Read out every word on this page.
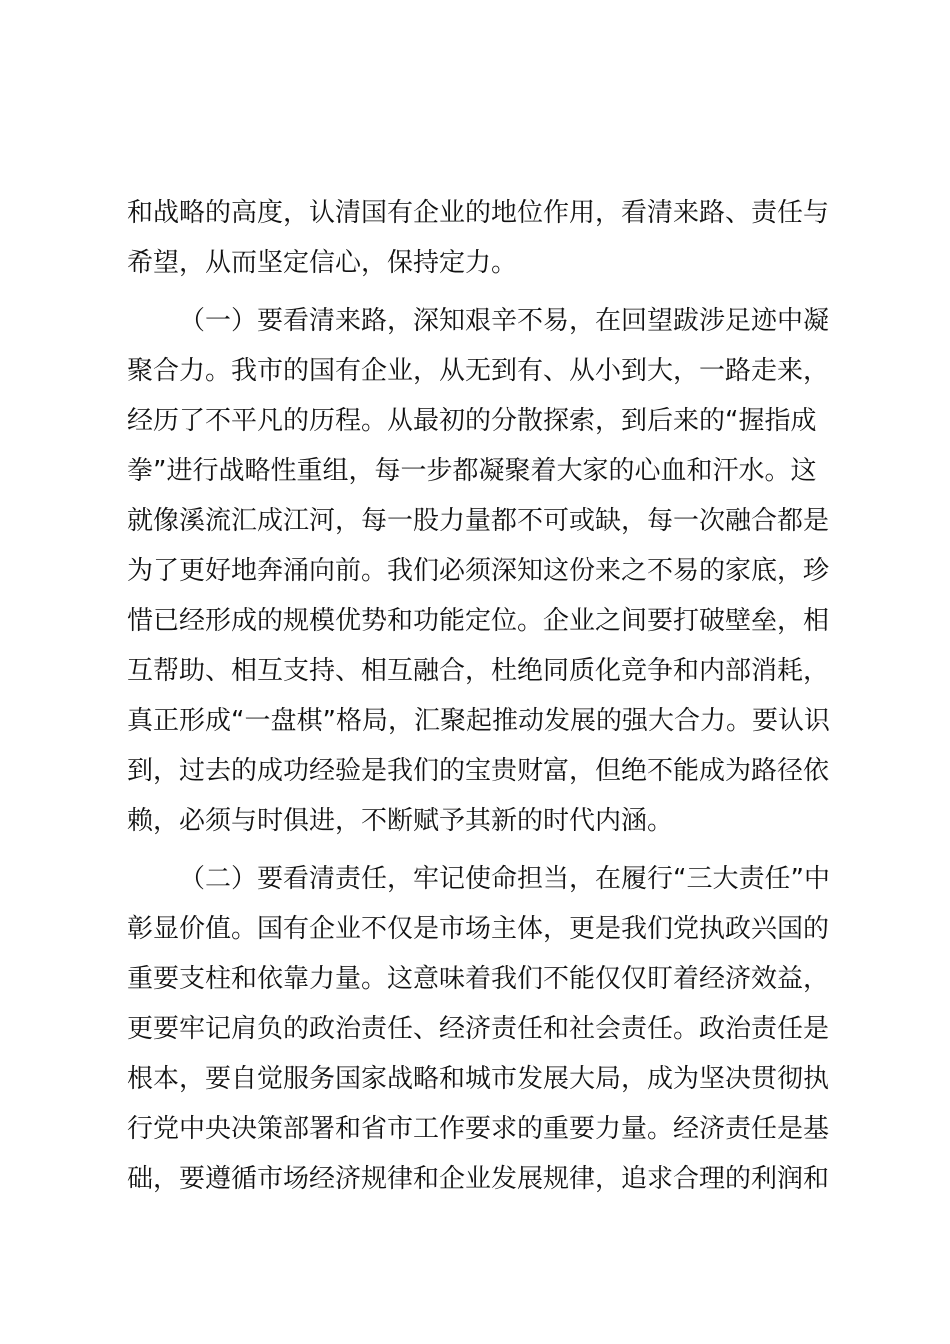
和战略的高度，认清国有企业的地位作用，看清来路、责任与
希望，从而坚定信心，保持定力。
（一）要看清来路，深知艰辛不易，在回望跋涉足迹中凝
聚合力。我市的国有企业，从无到有、从小到大，一路走来，
经历了不平凡的历程。从最初的分散探索，到后来的“握指成
拳”进行战略性重组，每一步都凝聚着大家的心血和汗水。这
就像溪流汇成江河，每一股力量都不可或缺，每一次融合都是
为了更好地奔涌向前。我们必须深知这份来之不易的家底，珍
惜已经形成的规模优势和功能定位。企业之间要打破壁垒，相
互帮助、相互支持、相互融合，杜绝同质化竞争和内部消耗，
真正形成“一盘棋”格局，汇聚起推动发展的强大合力。要认识
到，过去的成功经验是我们的宝贵财富，但绝不能成为路径依
赖，必须与时俱进，不断赋予其新的时代内涵。
（二）要看清责任，牢记使命担当，在履行“三大责任”中
彰显价值。国有企业不仅是市场主体，更是我们党执政兴国的
重要支柱和依靠力量。这意味着我们不能仅仅盯着经济效益，
更要牢记肩负的政治责任、经济责任和社会责任。政治责任是
根本，要自觉服务国家战略和城市发展大局，成为坚决贯彻执
行党中央决策部署和省市工作要求的重要力量。经济责任是基
础，要遵循市场经济规律和企业发展规律，追求合理的利润和
